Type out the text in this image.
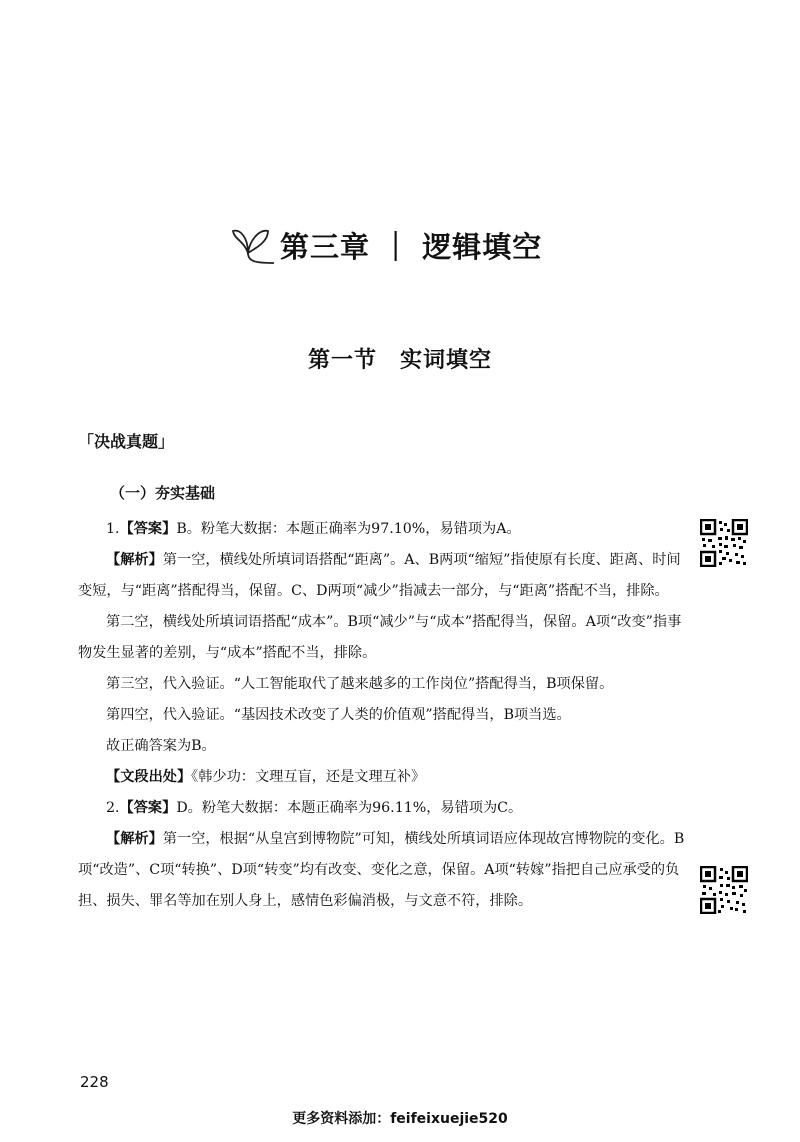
第三章 ｜ 逻辑填空
第一节　实词填空
「决战真题」
（一）夯实基础

1.【答案】B。粉笔大数据：本题正确率为97.10%，易错项为A。

【解析】第一空，横线处所填词语搭配“距离”。A、B两项“缩短”指使原有长度、距离、时间变短，与“距离”搭配得当，保留。C、D两项“减少”指减去一部分，与“距离”搭配不当，排除。

第二空，横线处所填词语搭配“成本”。B项“减少”与“成本”搭配得当，保留。A项“改变”指事物发生显著的差别，与“成本”搭配不当，排除。

第三空，代入验证。“人工智能取代了越来越多的工作岗位”搭配得当，B项保留。

第四空，代入验证。“基因技术改变了人类的价值观”搭配得当，B项当选。

故正确答案为B。

【文段出处】《韩少功：文理互盲，还是文理互补》

2.【答案】D。粉笔大数据：本题正确率为96.11%，易错项为C。

【解析】第一空，根据“从皇宫到博物院”可知，横线处所填词语应体现故宫博物院的变化。B项“改造”、C项“转换”、D项“转变”均有改变、变化之意，保留。A项“转嫁”指把自己应承受的负担、损失、罪名等加在别人身上，感情色彩偏消极，与文意不符，排除。

228
更多资料添加：feifeixuejie520
